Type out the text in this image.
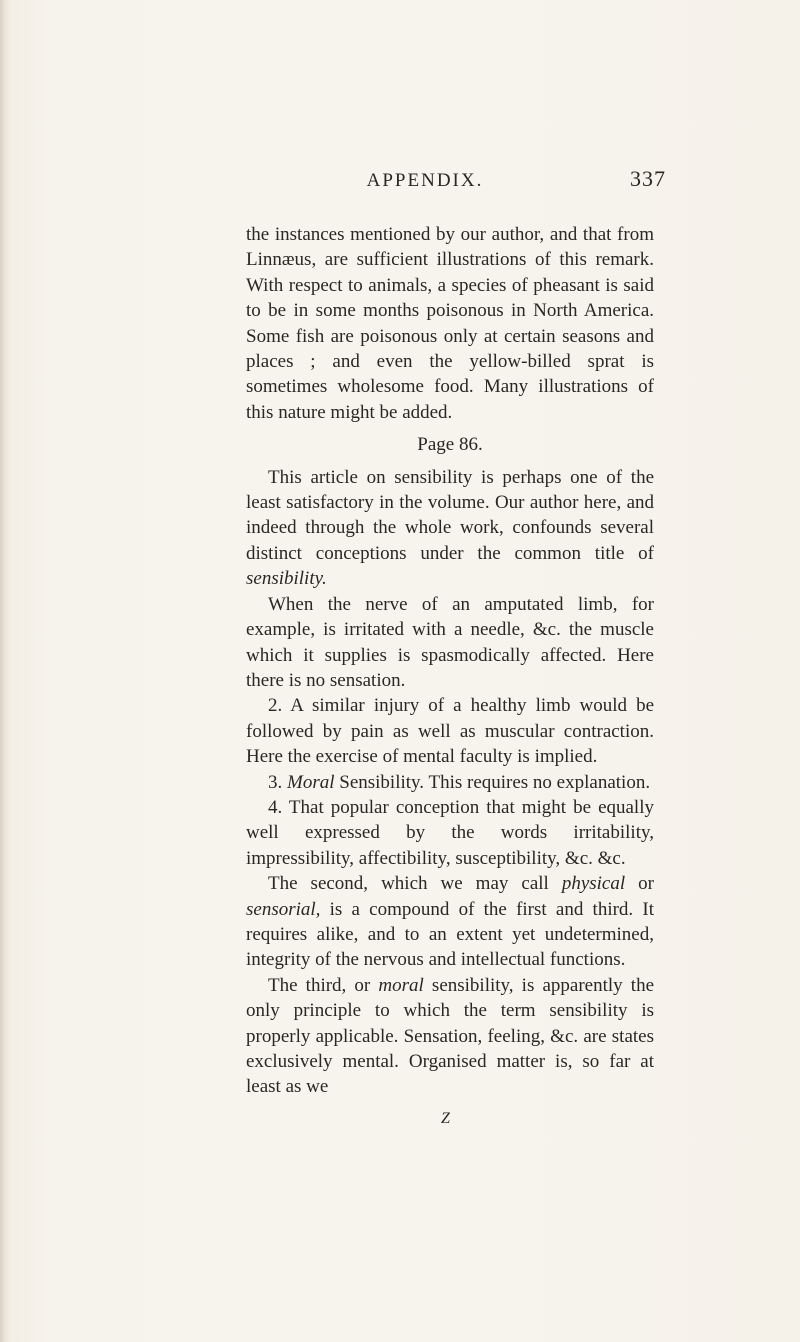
APPENDIX.	337

the instances mentioned by our author, and that from Linnæus, are sufficient illustrations of this remark. With respect to animals, a species of pheasant is said to be in some months poisonous in North America. Some fish are poisonous only at certain seasons and places ; and even the yellow-billed sprat is sometimes wholesome food. Many illustrations of this nature might be added.

Page 86.

This article on sensibility is perhaps one of the least satisfactory in the volume. Our author here, and indeed through the whole work, confounds several distinct conceptions under the common title of sensibility.

When the nerve of an amputated limb, for example, is irritated with a needle, &c. the muscle which it supplies is spasmodically affected. Here there is no sensation.

2. A similar injury of a healthy limb would be followed by pain as well as muscular contraction. Here the exercise of mental faculty is implied.

3. Moral Sensibility. This requires no explanation.

4. That popular conception that might be equally well expressed by the words irritability, impressibility, affectibility, susceptibility, &c. &c.

The second, which we may call physical or sensorial, is a compound of the first and third. It requires alike, and to an extent yet undetermined, integrity of the nervous and intellectual functions.

The third, or moral sensibility, is apparently the only principle to which the term sensibility is properly applicable. Sensation, feeling, &c. are states exclusively mental. Organised matter is, so far at least as we

Z
